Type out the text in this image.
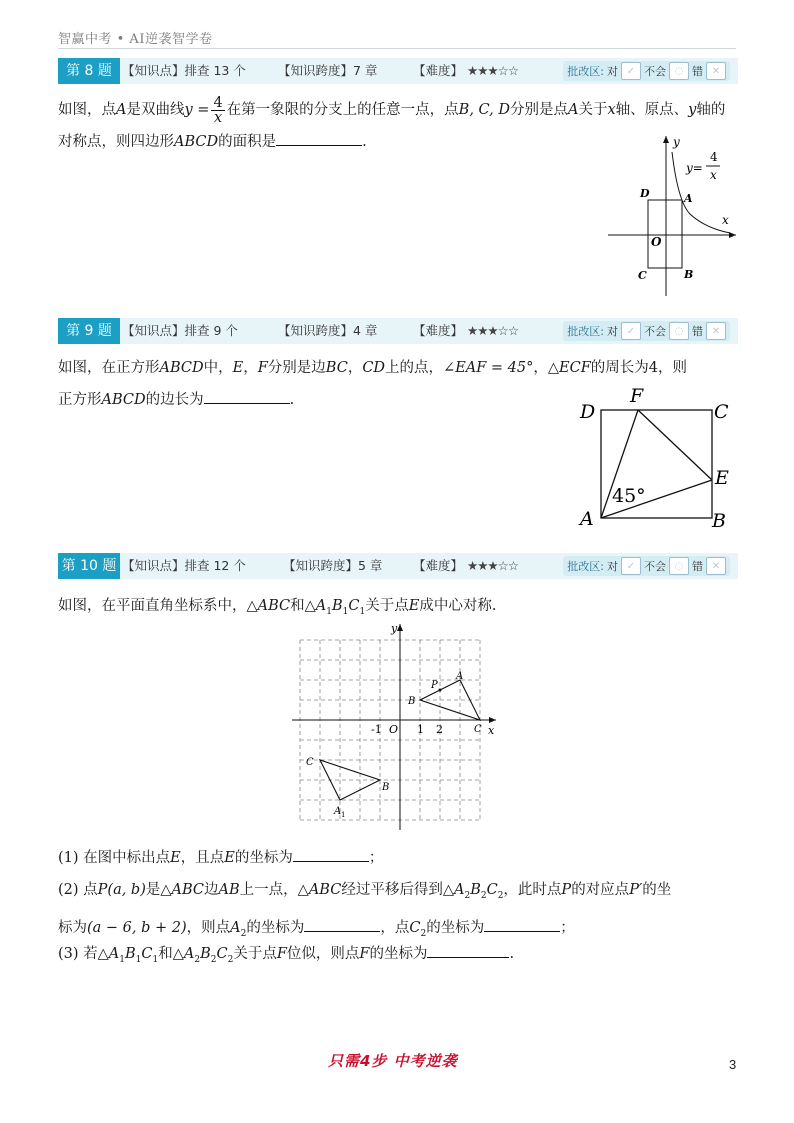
智赢中考 • AI逆袭智学卷
第 8 题 【知识点】排查 13 个	【知识跨度】7 章	【难度】 ★★★☆☆	批改区: 对 ✓ 不会 ◌ 错 ✕
如图，点A是双曲线$y = \frac{4}{x}$ 在第一象限的分支上的任意一点，点B, C, D分别是点A关于x轴、原点、y轴的对称点，则四边形ABCD的面积是	.	y
x
O
A
B
C
D
y=
4
x
第 9 题 【知识点】排查 9 个	【知识跨度】4 章	【难度】 ★★★☆☆	批改区: 对 ✓ 不会 ◌ 错 ✕
如图，在正方形ABCD中，E，F分别是边BC，CD上的点，∠EAF = 45°，△ECF的周长为4，则
正方形ABCD的边长为	.
D	C
F
E
A	B
45°
第 10 题 【知识点】排查 12 个	【知识跨度】5 章 【难度】 ★★★☆☆	批改区: 对 ✓ 不会 ◌ 错 ✕
如图，在平面直角坐标系中，△ABC和$\triangle A_1B_1C_1$关于点E成中心对称.
y
x
O
-1	1 2
A
B
C
P
C
A 1
B
(1) 在图中标出点E，且点E的坐标为	；
(2) 点P(a, b)是△ABC边AB上一点，△ABC经过平移后得到$\triangle A_2B_2C_2$，此时点P的对应点P′的坐
标为(a − 6, b + 2)，则点$A_2$的坐标为	，点$C_2$的坐标为	；
(3) 若$\triangle A_1B_1C_1$和$\triangle A_2B_2C_2$关于点F位似，则点F的坐标为	.
只需4步 中考逆袭	3
